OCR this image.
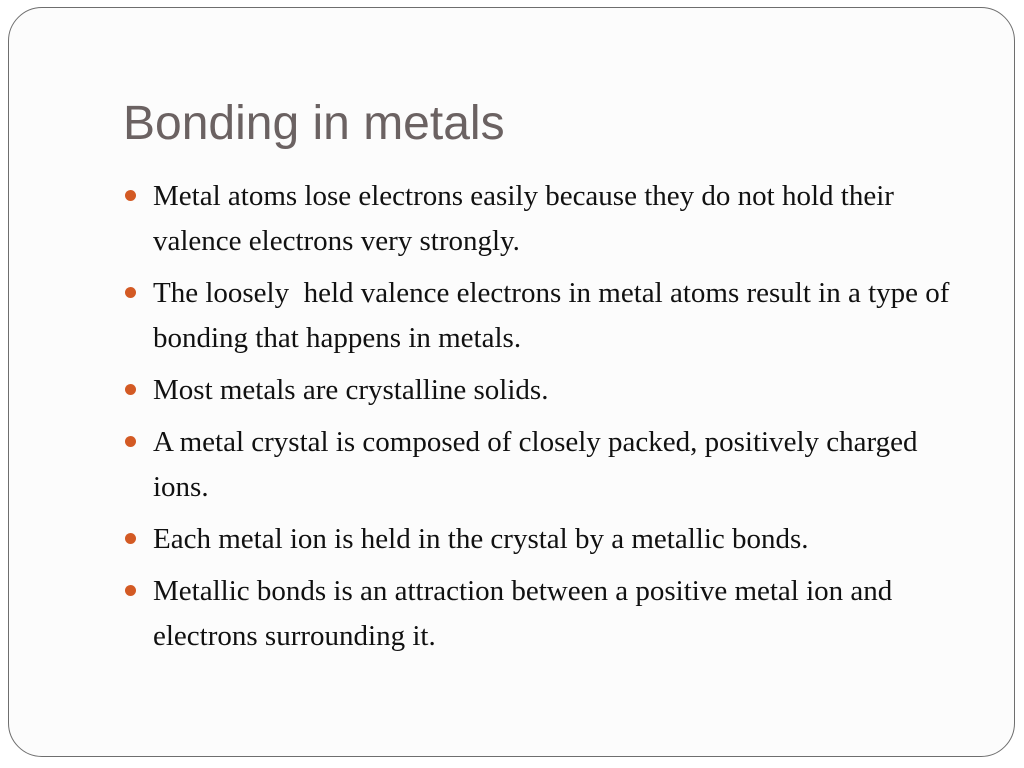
Bonding in metals
Metal atoms lose electrons easily because they do not hold their valence electrons very strongly.
The loosely  held valence electrons in metal atoms result in a type of bonding that happens in metals.
Most metals are crystalline solids.
A metal crystal is composed of closely packed, positively charged ions.
Each metal ion is held in the crystal by a metallic bonds.
Metallic bonds is an attraction between a positive metal ion and electrons surrounding it.
